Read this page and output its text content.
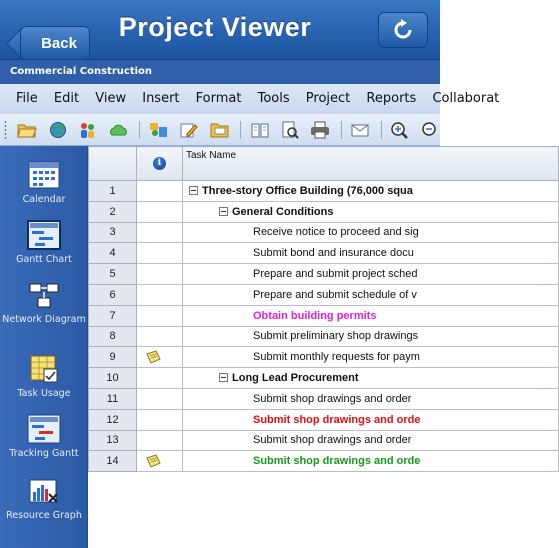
Back
Project Viewer
Commercial Construction
File Edit View Insert Format Tools Project Reports Collaborat

Calendar
Gantt Chart
Network Diagram
Task Usage
Tracking Gantt
Resource Graph
	i	Task Name
1		Three-story Office Building (76,000 squa
2		General Conditions
3		Receive notice to proceed and sig
4		Submit bond and insurance docu
5		Prepare and submit project sched
6		Prepare and submit schedule of v
7		Obtain building permits
8		Submit preliminary shop drawings
9		Submit monthly requests for paym
10		Long Lead Procurement
11		Submit shop drawings and order
12		Submit shop drawings and orde
13		Submit shop drawings and order
14		Submit shop drawings and orde
